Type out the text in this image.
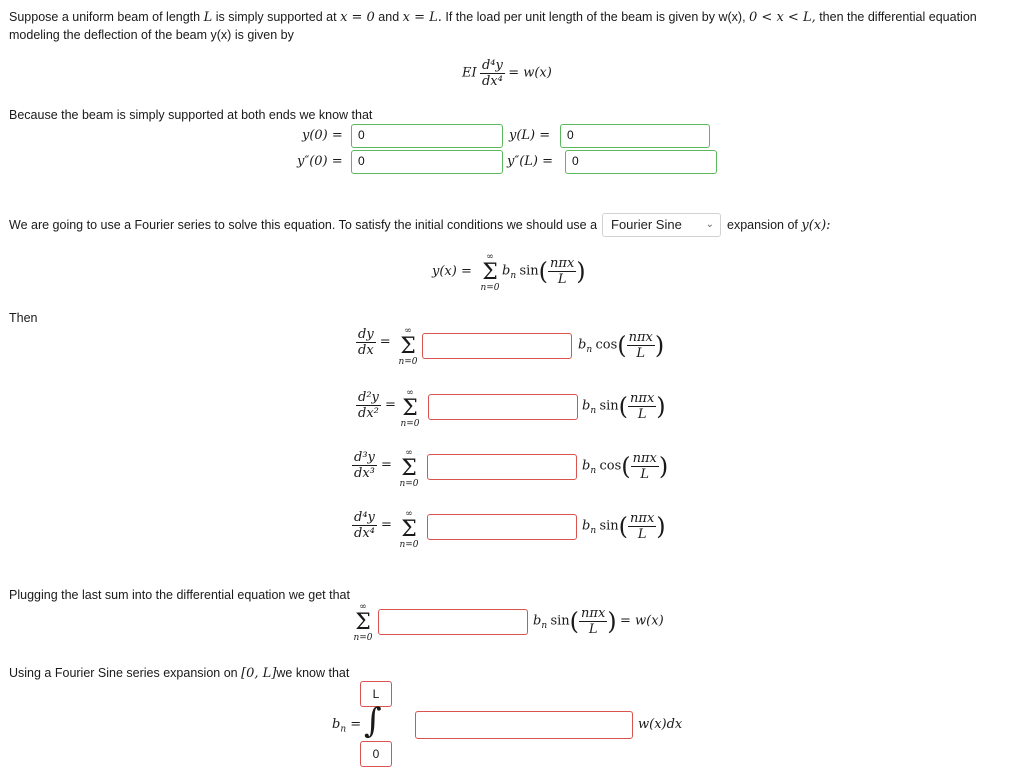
Suppose a uniform beam of length L is simply supported at x = 0 and x = L. If the load per unit length of the beam is given by w(x), 0 < x < L, then the differential equation
modeling the deflection of the beam y(x) is given by
EI $\frac{\text{d⁴y}}{\text{dx⁴}} = w(x)$
Because the beam is simply supported at both ends we know that
y(0) =	0	y(L) =	0
y″(0) =	0	y″(L) =	0
We are going to use a Fourier series to solve this equation. To satisfy the initial conditions we should use a	Fourier Sine ⌄ expansion of y(x):
y(x) =
∞
Σ
n=0
$b_n$ $\sin( \frac{\text{nπx}}{L}$ )
Then
$\frac{dy}{dx}$ =
∞
Σ
n=0
$b_n$ $\cos( \frac{\text{nπx}}{L}$ )
$\frac{\text{d²y}}{\text{dx²}}$ =
∞
Σ
n=0
$b_n$ $\sin( \frac{\text{nπx}}{L}$ )
$\frac{\text{d³y}}{\text{dx³}}$ =
∞
Σ
n=0
$b_n$ $\cos( \frac{\text{nπx}}{L}$ )
$\frac{\text{d⁴y}}{\text{dx⁴}}$ =
∞
Σ
n=0
$b_n$ $\sin( \frac{\text{nπx}}{L}$ )
Plugging the last sum into the differential equation we get that
∞
Σ
n=0
$b_n$ $\sin( \frac{\text{nπx}}{L}$ ) = w(x)
Using a Fourier Sine series expansion on [0, L]we know that
L
$b_n$ = ∫
0
w(x)dx
